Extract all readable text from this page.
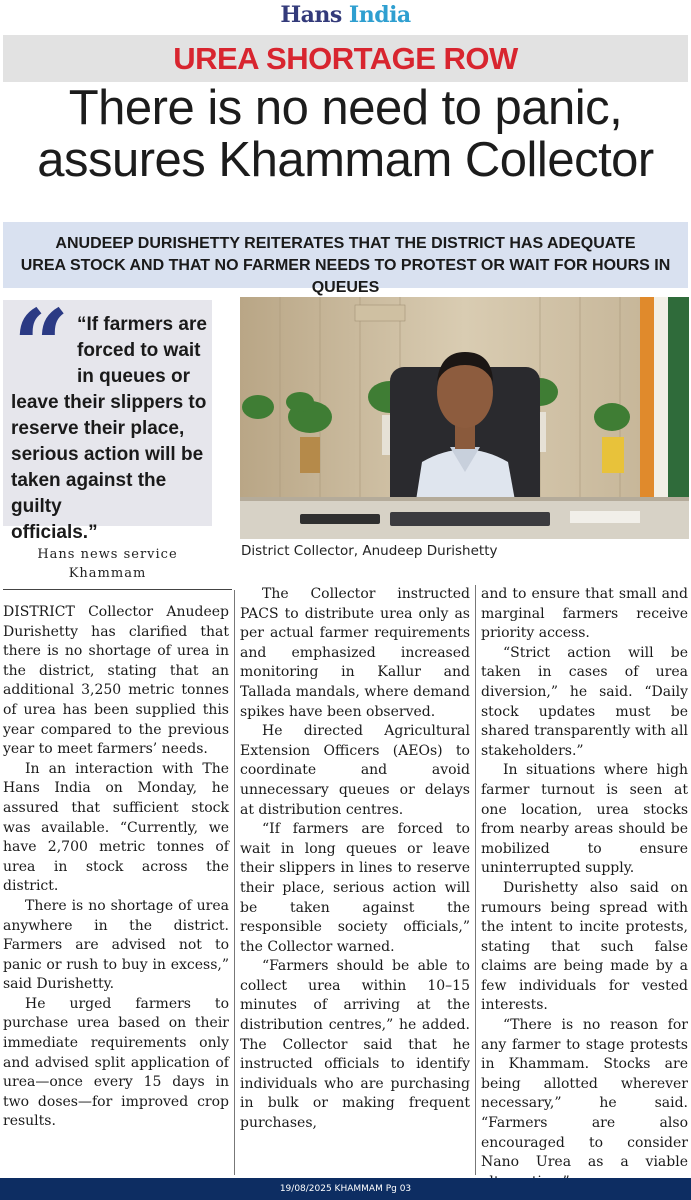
Hans India
UREA SHORTAGE ROW
There is no need to panic,
assures Khammam Collector
ANUDEEP DURISHETTY REITERATES THAT THE DISTRICT HAS ADEQUATE
UREA STOCK AND THAT NO FARMER NEEDS TO PROTEST OR WAIT FOR HOURS IN QUEUES
“ “If farmers are
forced to wait
in queues or
leave their slippers to
reserve their place,
serious action will be
taken against the guilty
officials.”
District Collector, Anudeep Durishetty
Hans news service
Khammam

DISTRICT Collector Anudeep Durishetty has clarified that there is no shortage of urea in the district, stating that an additional 3,250 metric tonnes of urea has been supplied this year compared to the previous year to meet farmers’ needs.

In an interaction with The Hans India on Monday, he assured that sufficient stock was available. “Currently, we have 2,700 metric tonnes of urea in stock across the district.

There is no shortage of urea anywhere in the district. Farmers are advised not to panic or rush to buy in excess,” said Durishetty.

He urged farmers to purchase urea based on their immediate requirements only and advised split application of urea—once every 15 days in two doses—for improved crop results.

The Collector instructed PACS to distribute urea only as per actual farmer requirements and emphasized increased monitoring in Kallur and Tallada mandals, where demand spikes have been observed.

He directed Agricultural Extension Officers (AEOs) to coordinate and avoid unnecessary queues or delays at distribution centres.

“If farmers are forced to wait in long queues or leave their slippers in lines to reserve their place, serious action will be taken against the responsible society officials,” the Collector warned.

“Farmers should be able to collect urea within 10–15 minutes of arriving at the distribution centres,” he added. The Collector said that he instructed officials to identify individuals who are purchasing in bulk or making frequent purchases,

and to ensure that small and marginal farmers receive priority access.

“Strict action will be taken in cases of urea diversion,” he said. “Daily stock updates must be shared transparently with all stakeholders.”

In situations where high farmer turnout is seen at one location, urea stocks from nearby areas should be mobilized to ensure uninterrupted supply.

Durishetty also said on rumours being spread with the intent to incite protests, stating that such false claims are being made by a few individuals for vested interests.

“There is no reason for any farmer to stage protests in Khammam. Stocks are being allotted wherever necessary,” he said. “Farmers are also encouraged to consider Nano Urea as a viable

19/08/2025 KHAMMAM Pg 03
